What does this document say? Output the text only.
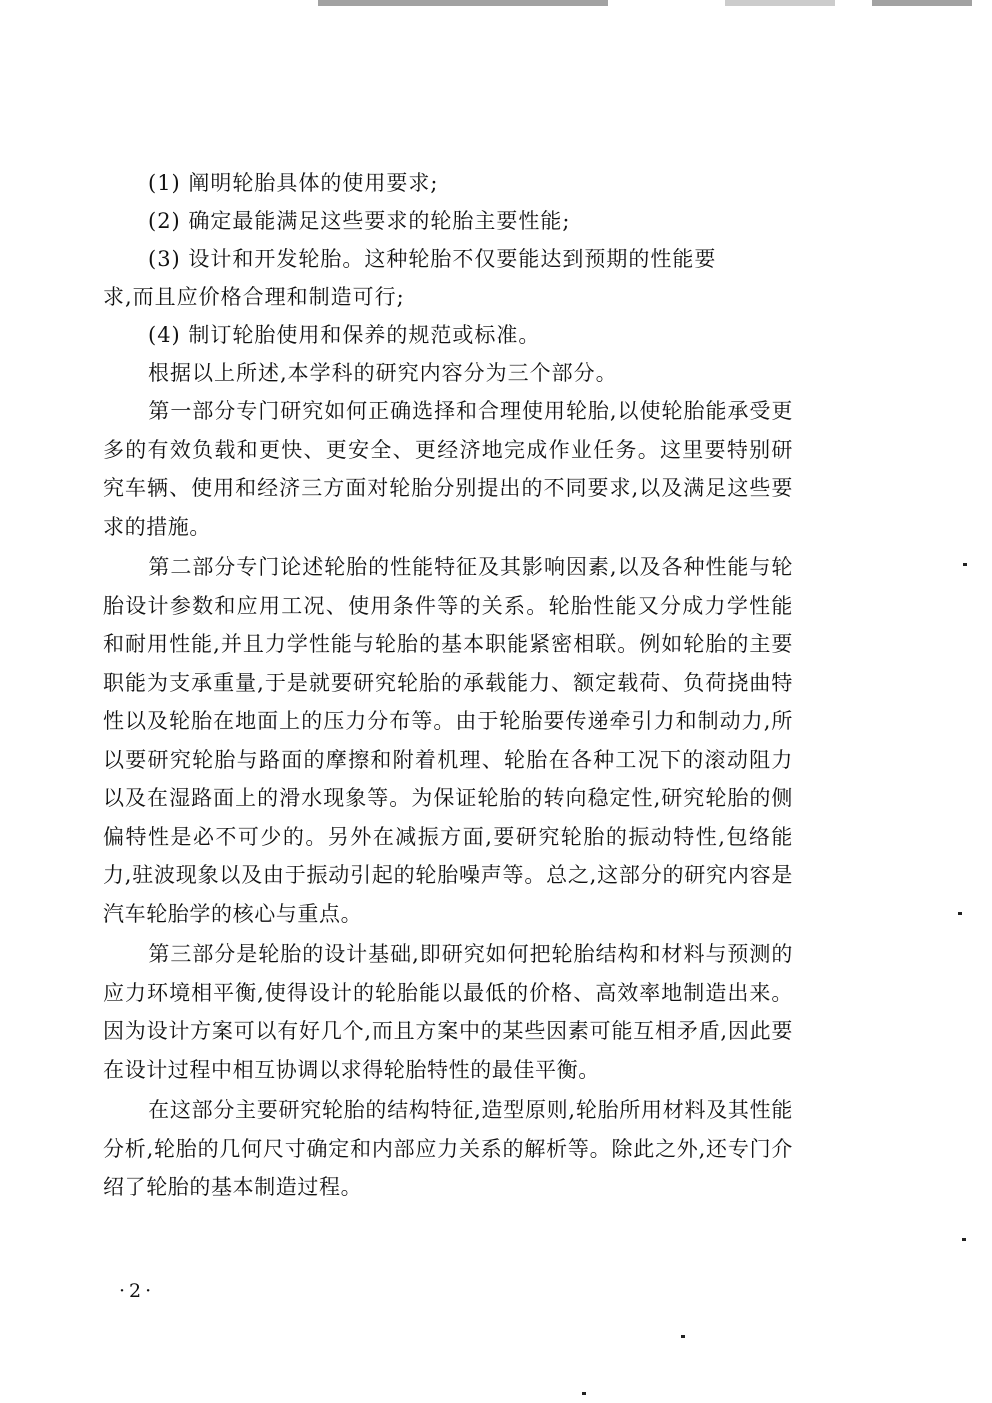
(1) 阐明轮胎具体的使用要求;
(2) 确定最能满足这些要求的轮胎主要性能;
(3) 设计和开发轮胎。这种轮胎不仅要能达到预期的性能要
求,而且应价格合理和制造可行;
(4) 制订轮胎使用和保养的规范或标准。
根据以上所述,本学科的研究内容分为三个部分。

第一部分专门研究如何正确选择和合理使用轮胎,以使轮胎能承受更多的有效负载和更快、更安全、更经济地完成作业任务。这里要特别研究车辆、使用和经济三方面对轮胎分别提出的不同要求,以及满足这些要求的措施。

第二部分专门论述轮胎的性能特征及其影响因素,以及各种性能与轮胎设计参数和应用工况、使用条件等的关系。轮胎性能又分成力学性能和耐用性能,并且力学性能与轮胎的基本职能紧密相联。例如轮胎的主要职能为支承重量,于是就要研究轮胎的承载能力、额定载荷、负荷挠曲特性以及轮胎在地面上的压力分布等。由于轮胎要传递牵引力和制动力,所以要研究轮胎与路面的摩擦和附着机理、轮胎在各种工况下的滚动阻力以及在湿路面上的滑水现象等。为保证轮胎的转向稳定性,研究轮胎的侧偏特性是必不可少的。另外在减振方面,要研究轮胎的振动特性,包络能力,驻波现象以及由于振动引起的轮胎噪声等。总之,这部分的研究内容是汽车轮胎学的核心与重点。

第三部分是轮胎的设计基础,即研究如何把轮胎结构和材料与预测的应力环境相平衡,使得设计的轮胎能以最低的价格、高效率地制造出来。因为设计方案可以有好几个,而且方案中的某些因素可能互相矛盾,因此要在设计过程中相互协调以求得轮胎特性的最佳平衡。

在这部分主要研究轮胎的结构特征,造型原则,轮胎所用材料及其性能分析,轮胎的几何尺寸确定和内部应力关系的解析等。除此之外,还专门介绍了轮胎的基本制造过程。

·2·
